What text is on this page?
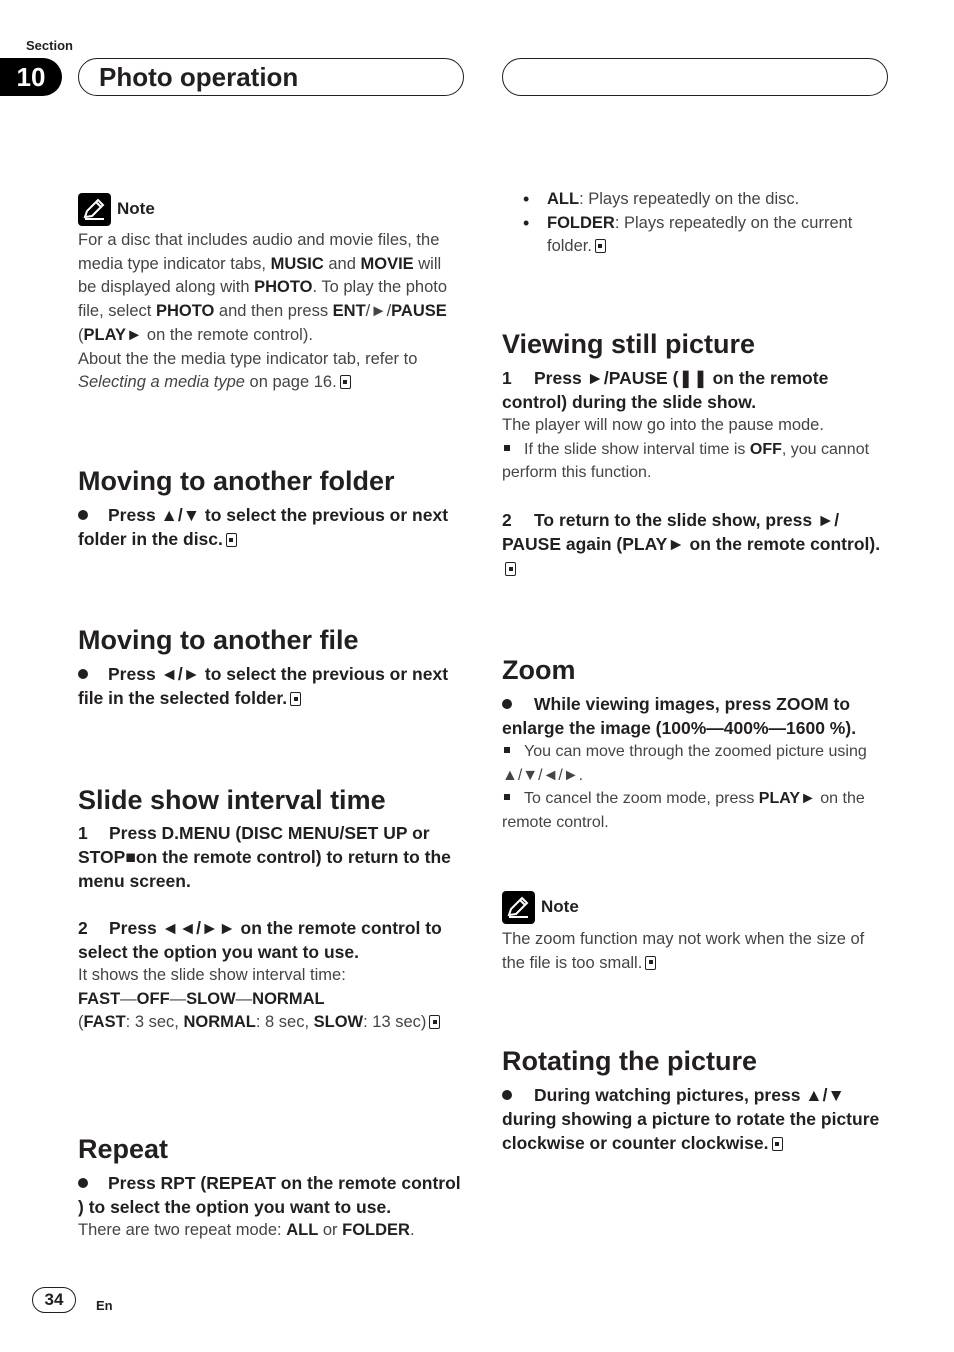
Section
10	Photo operation
Note

For a disc that includes audio and movie files, the media type indicator tabs, MUSIC and MOVIE will be displayed along with PHOTO. To play the photo file, select PHOTO and then press ENT/►/PAUSE (PLAY► on the remote control).

About the the media type indicator tab, refer to Selecting a media type on page 16.

Moving to another folder

Press ▲/▼ to select the previous or next folder in the disc.

Moving to another file

Press ◄/► to select the previous or next file in the selected folder.

Slide show interval time

1 Press D.MENU (DISC MENU/SET UP or STOP■on the remote control) to return to the menu screen.

2 Press ◄◄/►► on the remote control to select the option you want to use.

It shows the slide show interval time:

FAST—OFF—SLOW—NORMAL

(FAST: 3 sec, NORMAL: 8 sec, SLOW: 13 sec)

Repeat

Press RPT (REPEAT on the remote control ) to select the option you want to use.

There are two repeat mode: ALL or FOLDER.

• ALL: Plays repeatedly on the disc.
• FOLDER: Plays repeatedly on the current folder.
Viewing still picture

1 Press ►/PAUSE (❚❚ on the remote control) during the slide show.

The player will now go into the pause mode.

If the slide show interval time is OFF, you cannot perform this function.

2 To return to the slide show, press ►/ PAUSE again (PLAY► on the remote control).

Zoom

While viewing images, press ZOOM to enlarge the image (100%—400%—1600 %).

You can move through the zoomed picture using ▲/▼/◄/►.

To cancel the zoom mode, press PLAY► on the remote control.

Note

The zoom function may not work when the size of the file is too small.

Rotating the picture

During watching pictures, press ▲/▼ during showing a picture to rotate the picture clockwise or counter clockwise.

34	En
